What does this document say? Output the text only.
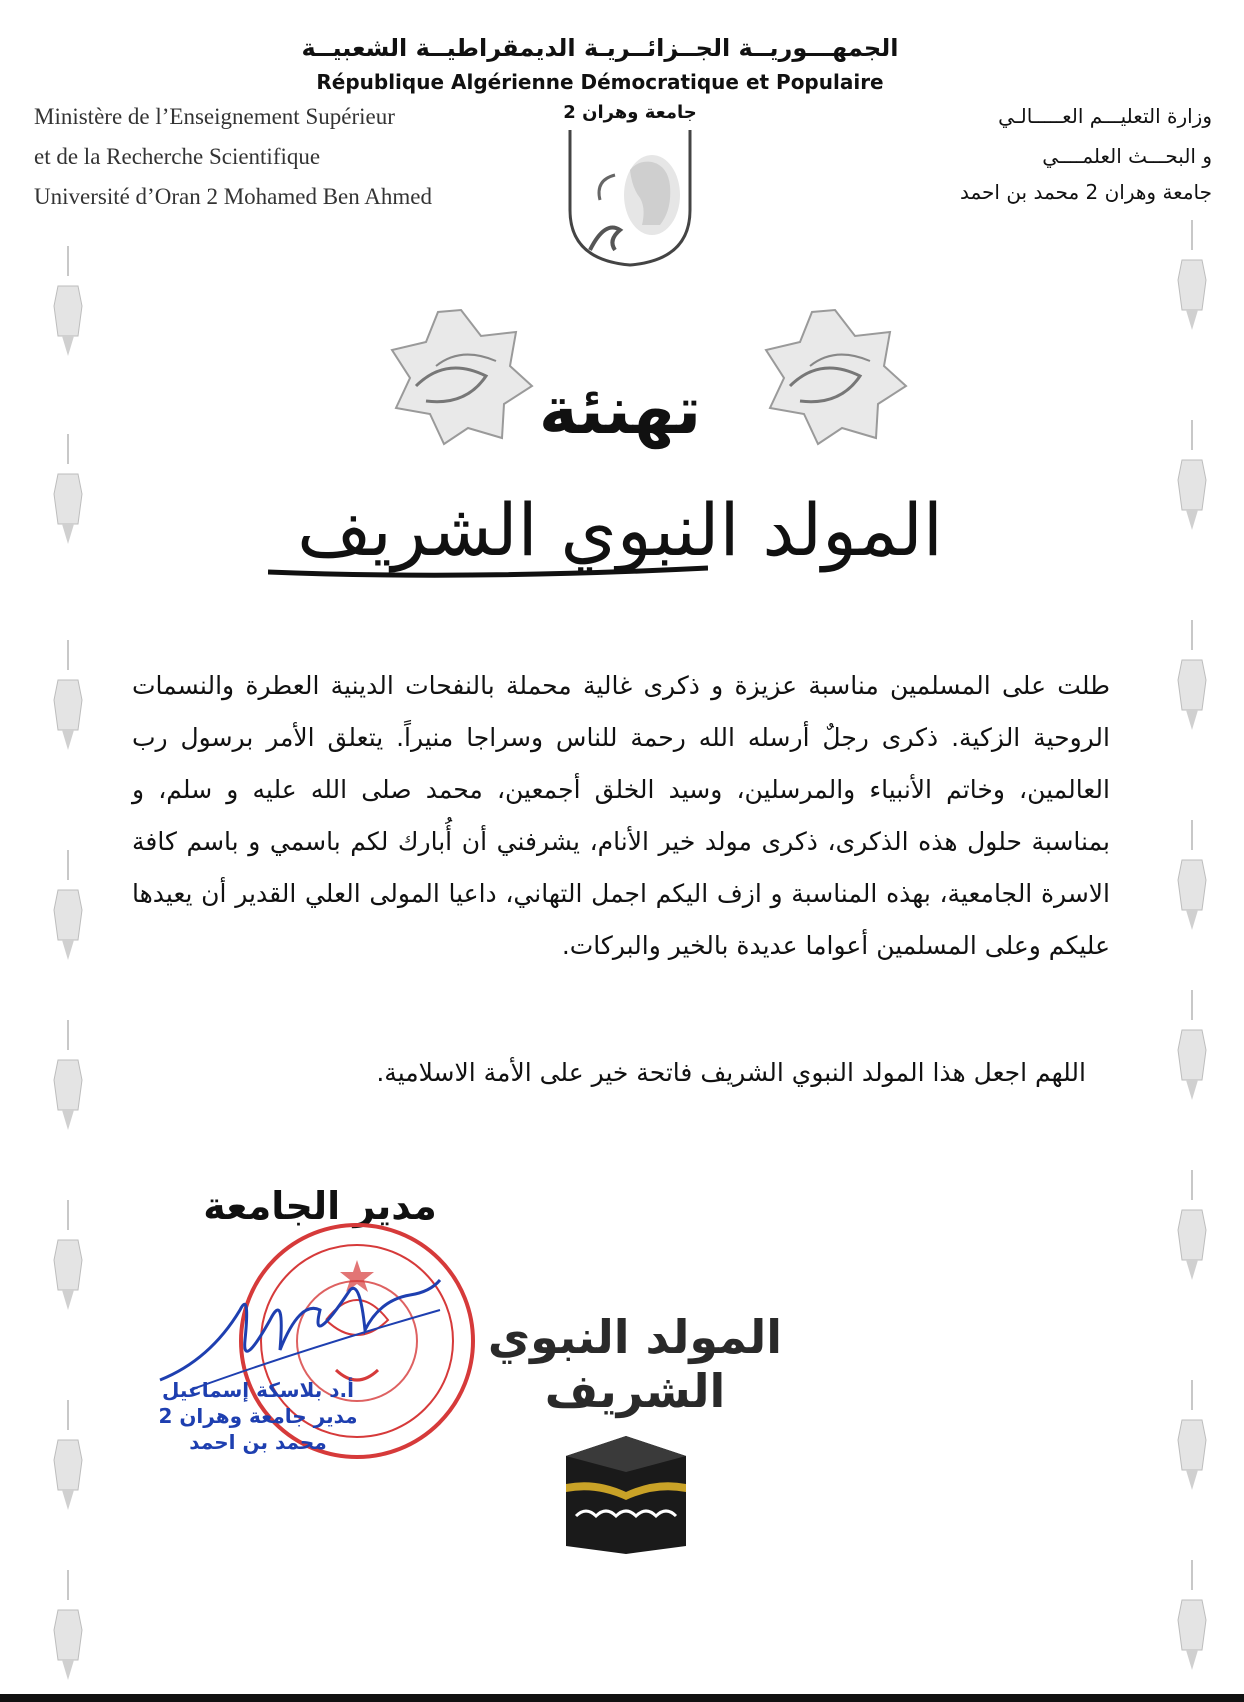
الجمهـــوريــة الجــزائــريـة الديمقراطيــة الشعبيــة
République Algérienne Démocratique et Populaire
Ministère de l’Enseignement Supérieur
et de la Recherche Scientifique
Université d’Oran 2 Mohamed Ben Ahmed
وزارة التعليـــم العـــــالـي
و البحـــث العلمــــي
جامعة وهران 2 محمد بن احمد
جامعة وهران 2
تهنئة
المولد النبوي الشريف
طلت على المسلمين مناسبة عزيزة و ذكرى غالية محملة بالنفحات الدينية العطرة والنسمات الروحية الزكية. ذكرى رجلٌ أرسله الله رحمة للناس وسراجا منيراً. يتعلق الأمر برسول رب العالمين، وخاتم الأنبياء والمرسلين، وسيد الخلق أجمعين، محمد صلى الله عليه و سلم، و بمناسبة حلول هذه الذكرى، ذكرى مولد خير الأنام، يشرفني أن أُبارك لكم باسمي و باسم كافة الاسرة الجامعية، بهذه المناسبة و ازف اليكم اجمل التهاني، داعيا المولى العلي القدير أن يعيدها عليكم وعلى المسلمين أعواما عديدة بالخير والبركات.
اللهم اجعل هذا المولد النبوي الشريف فاتحة خير على الأمة الاسلامية.
مدير الجامعة
أ.د بلاسكة إسماعيل
مدير جامعة وهران 2
محمد بن احمد
المولد النبوي الشريف
